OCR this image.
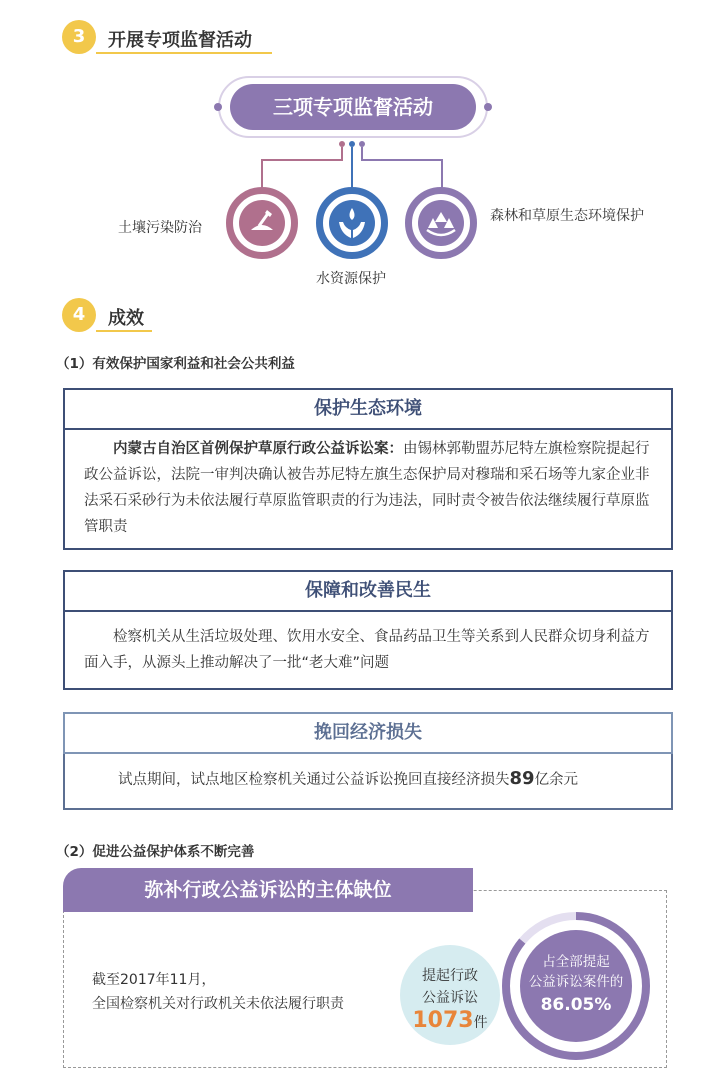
3	开展专项监督活动
三项专项监督活动
土壤污染防治
水资源保护
森林和草原生态环境保护
4	成效
（1）有效保护国家利益和社会公共利益
保护生态环境
内蒙古自治区首例保护草原行政公益诉讼案：由锡林郭勒盟苏尼特左旗检察院提起行政公益诉讼，法院一审判决确认被告苏尼特左旗生态保护局对穆瑞和采石场等九家企业非法采石采砂行为未依法履行草原监管职责的行为违法，同时责令被告依法继续履行草原监管职责
保障和改善民生
检察机关从生活垃圾处理、饮用水安全、食品药品卫生等关系到人民群众切身利益方面入手，从源头上推动解决了一批“老大难”问题
挽回经济损失
试点期间，试点地区检察机关通过公益诉讼挽回直接经济损失89亿余元
（2）促进公益保护体系不断完善
弥补行政公益诉讼的主体缺位
截至2017年11月，
全国检察机关对行政机关未依法履行职责
提起行政
公益诉讼
1073件
占全部提起
公益诉讼案件的
86.05%
